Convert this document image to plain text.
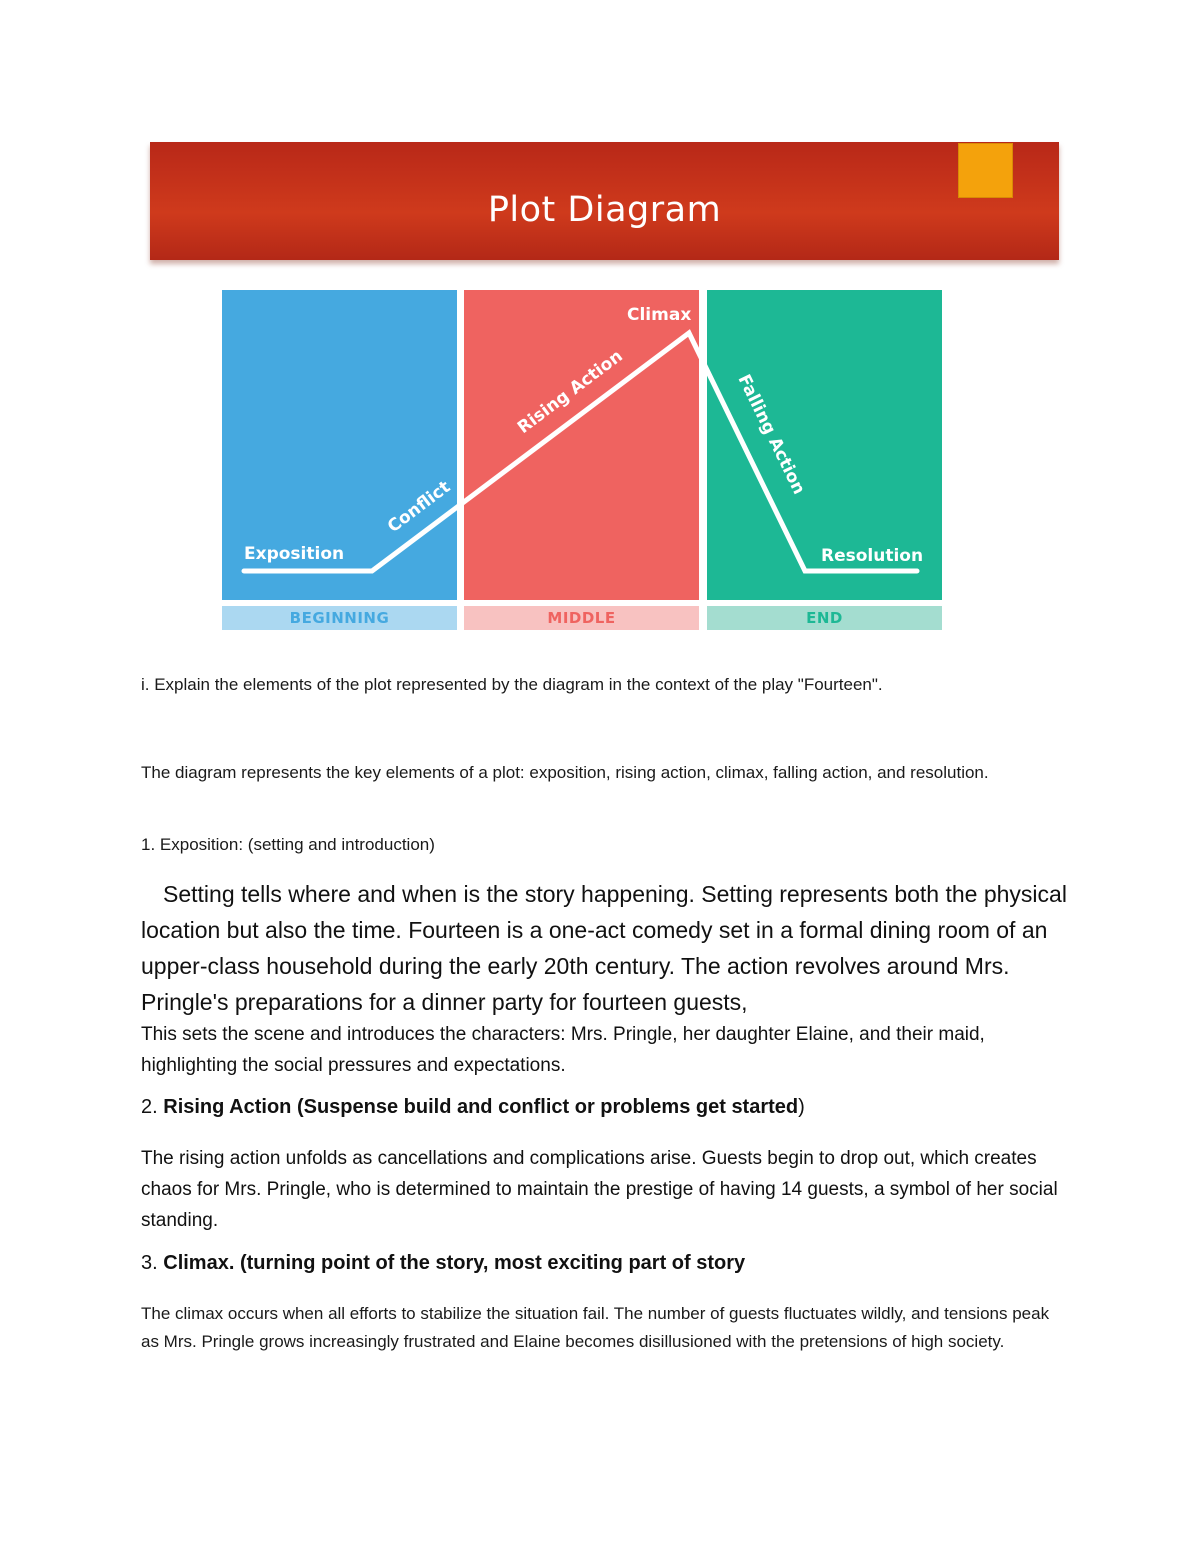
Plot Diagram
BEGINNING	MIDDLE	END
Exposition
Conflict
Rising Action
Climax
Falling Action
Resolution
i. Explain the elements of the plot represented by the diagram in the context of the play "Fourteen".
The diagram represents the key elements of a plot: exposition, rising action, climax, falling action, and resolution.
1. Exposition: (setting and introduction)
Setting tells where and when is the story happening. Setting represents both the physical location but also the time. Fourteen is a one-act comedy set in a formal dining room of an upper-class household during the early 20th century. The action revolves around Mrs. Pringle's preparations for a dinner party for fourteen guests,
This sets the scene and introduces the characters: Mrs. Pringle, her daughter Elaine, and their maid, highlighting the social pressures and expectations.
2. Rising Action (Suspense build and conflict or problems get started)
The rising action unfolds as cancellations and complications arise. Guests begin to drop out, which creates chaos for Mrs. Pringle, who is determined to maintain the prestige of having 14 guests, a symbol of her social standing.
3. Climax. (turning point of the story, most exciting part of story
The climax occurs when all efforts to stabilize the situation fail. The number of guests fluctuates wildly, and tensions peak as Mrs. Pringle grows increasingly frustrated and Elaine becomes disillusioned with the pretensions of high society.
